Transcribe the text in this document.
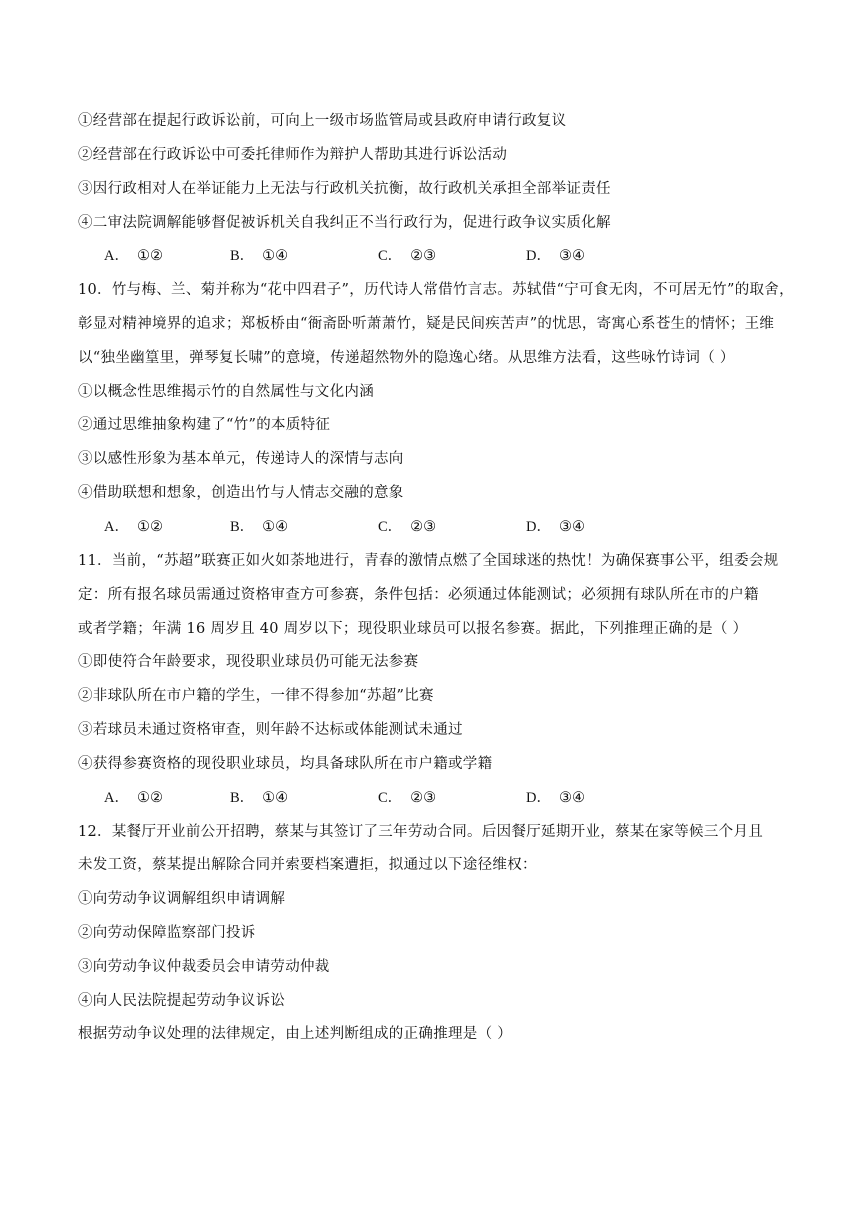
①经营部在提起行政诉讼前，可向上一级市场监管局或县政府申请行政复议
②经营部在行政诉讼中可委托律师作为辩护人帮助其进行诉讼活动
③因行政相对人在举证能力上无法与行政机关抗衡，故行政机关承担全部举证责任
④二审法院调解能够督促被诉机关自我纠正不当行政行为，促进行政争议实质化解
A． ①②	B． ①④	C． ②③	D． ③④
10．竹与梅、兰、菊并称为“花中四君子”，历代诗人常借竹言志。苏轼借“宁可食无肉，不可居无竹”的取舍，
彰显对精神境界的追求；郑板桥由“衙斋卧听萧萧竹，疑是民间疾苦声”的忧思，寄寓心系苍生的情怀；王维
以“独坐幽篁里，弹琴复长啸”的意境，传递超然物外的隐逸心绪。从思维方法看，这些咏竹诗词（ ）
①以概念性思维揭示竹的自然属性与文化内涵
②通过思维抽象构建了“竹”的本质特征
③以感性形象为基本单元，传递诗人的深情与志向
④借助联想和想象，创造出竹与人情志交融的意象
A． ①②	B． ①④	C． ②③	D． ③④
11．当前，“苏超”联赛正如火如荼地进行，青春的激情点燃了全国球迷的热忱！为确保赛事公平，组委会规
定：所有报名球员需通过资格审查方可参赛，条件包括：必须通过体能测试；必须拥有球队所在市的户籍
或者学籍；年满 16 周岁且 40 周岁以下；现役职业球员可以报名参赛。据此，下列推理正确的是（ ）
①即使符合年龄要求，现役职业球员仍可能无法参赛
②非球队所在市户籍的学生，一律不得参加“苏超”比赛
③若球员未通过资格审查，则年龄不达标或体能测试未通过
④获得参赛资格的现役职业球员，均具备球队所在市户籍或学籍
A． ①②	B． ①④	C． ②③	D． ③④
12．某餐厅开业前公开招聘，蔡某与其签订了三年劳动合同。后因餐厅延期开业，蔡某在家等候三个月且
未发工资，蔡某提出解除合同并索要档案遭拒，拟通过以下途径维权：
①向劳动争议调解组织申请调解
②向劳动保障监察部门投诉
③向劳动争议仲裁委员会申请劳动仲裁
④向人民法院提起劳动争议诉讼
根据劳动争议处理的法律规定，由上述判断组成的正确推理是（ ）
